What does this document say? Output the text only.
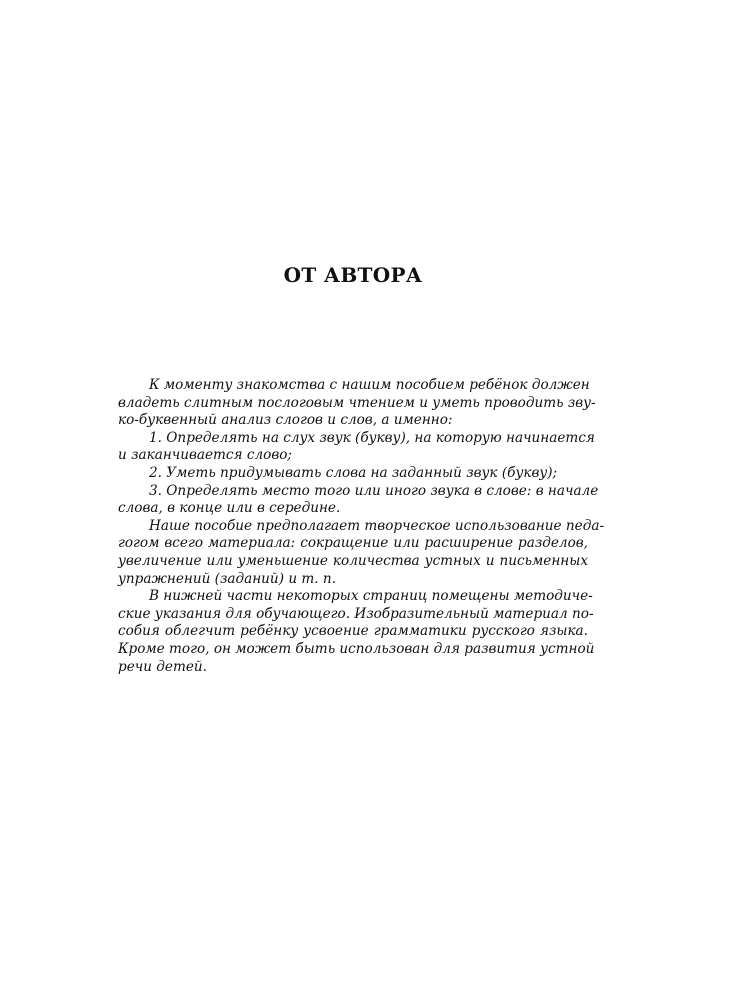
ОТ АВТОРА
К моменту знакомства с нашим пособием ребёнок должен
владеть слитным послоговым чтением и уметь проводить зву-
ко-буквенный анализ слогов и слов, а именно:
1. Определять на слух звук (букву), на которую начинается
и заканчивается слово;
2. Уметь придумывать слова на заданный звук (букву);
3. Определять место того или иного звука в слове: в начале
слова, в конце или в середине.
Наше пособие предполагает творческое использование педа-
гогом всего материала: сокращение или расширение разделов,
увеличение или уменьшение количества устных и письменных
упражнений (заданий) и т. п.
В нижней части некоторых страниц помещены методиче-
ские указания для обучающего. Изобразительный материал по-
собия облегчит ребёнку усвоение грамматики русского языка.
Кроме того, он может быть использован для развития устной
речи детей.
